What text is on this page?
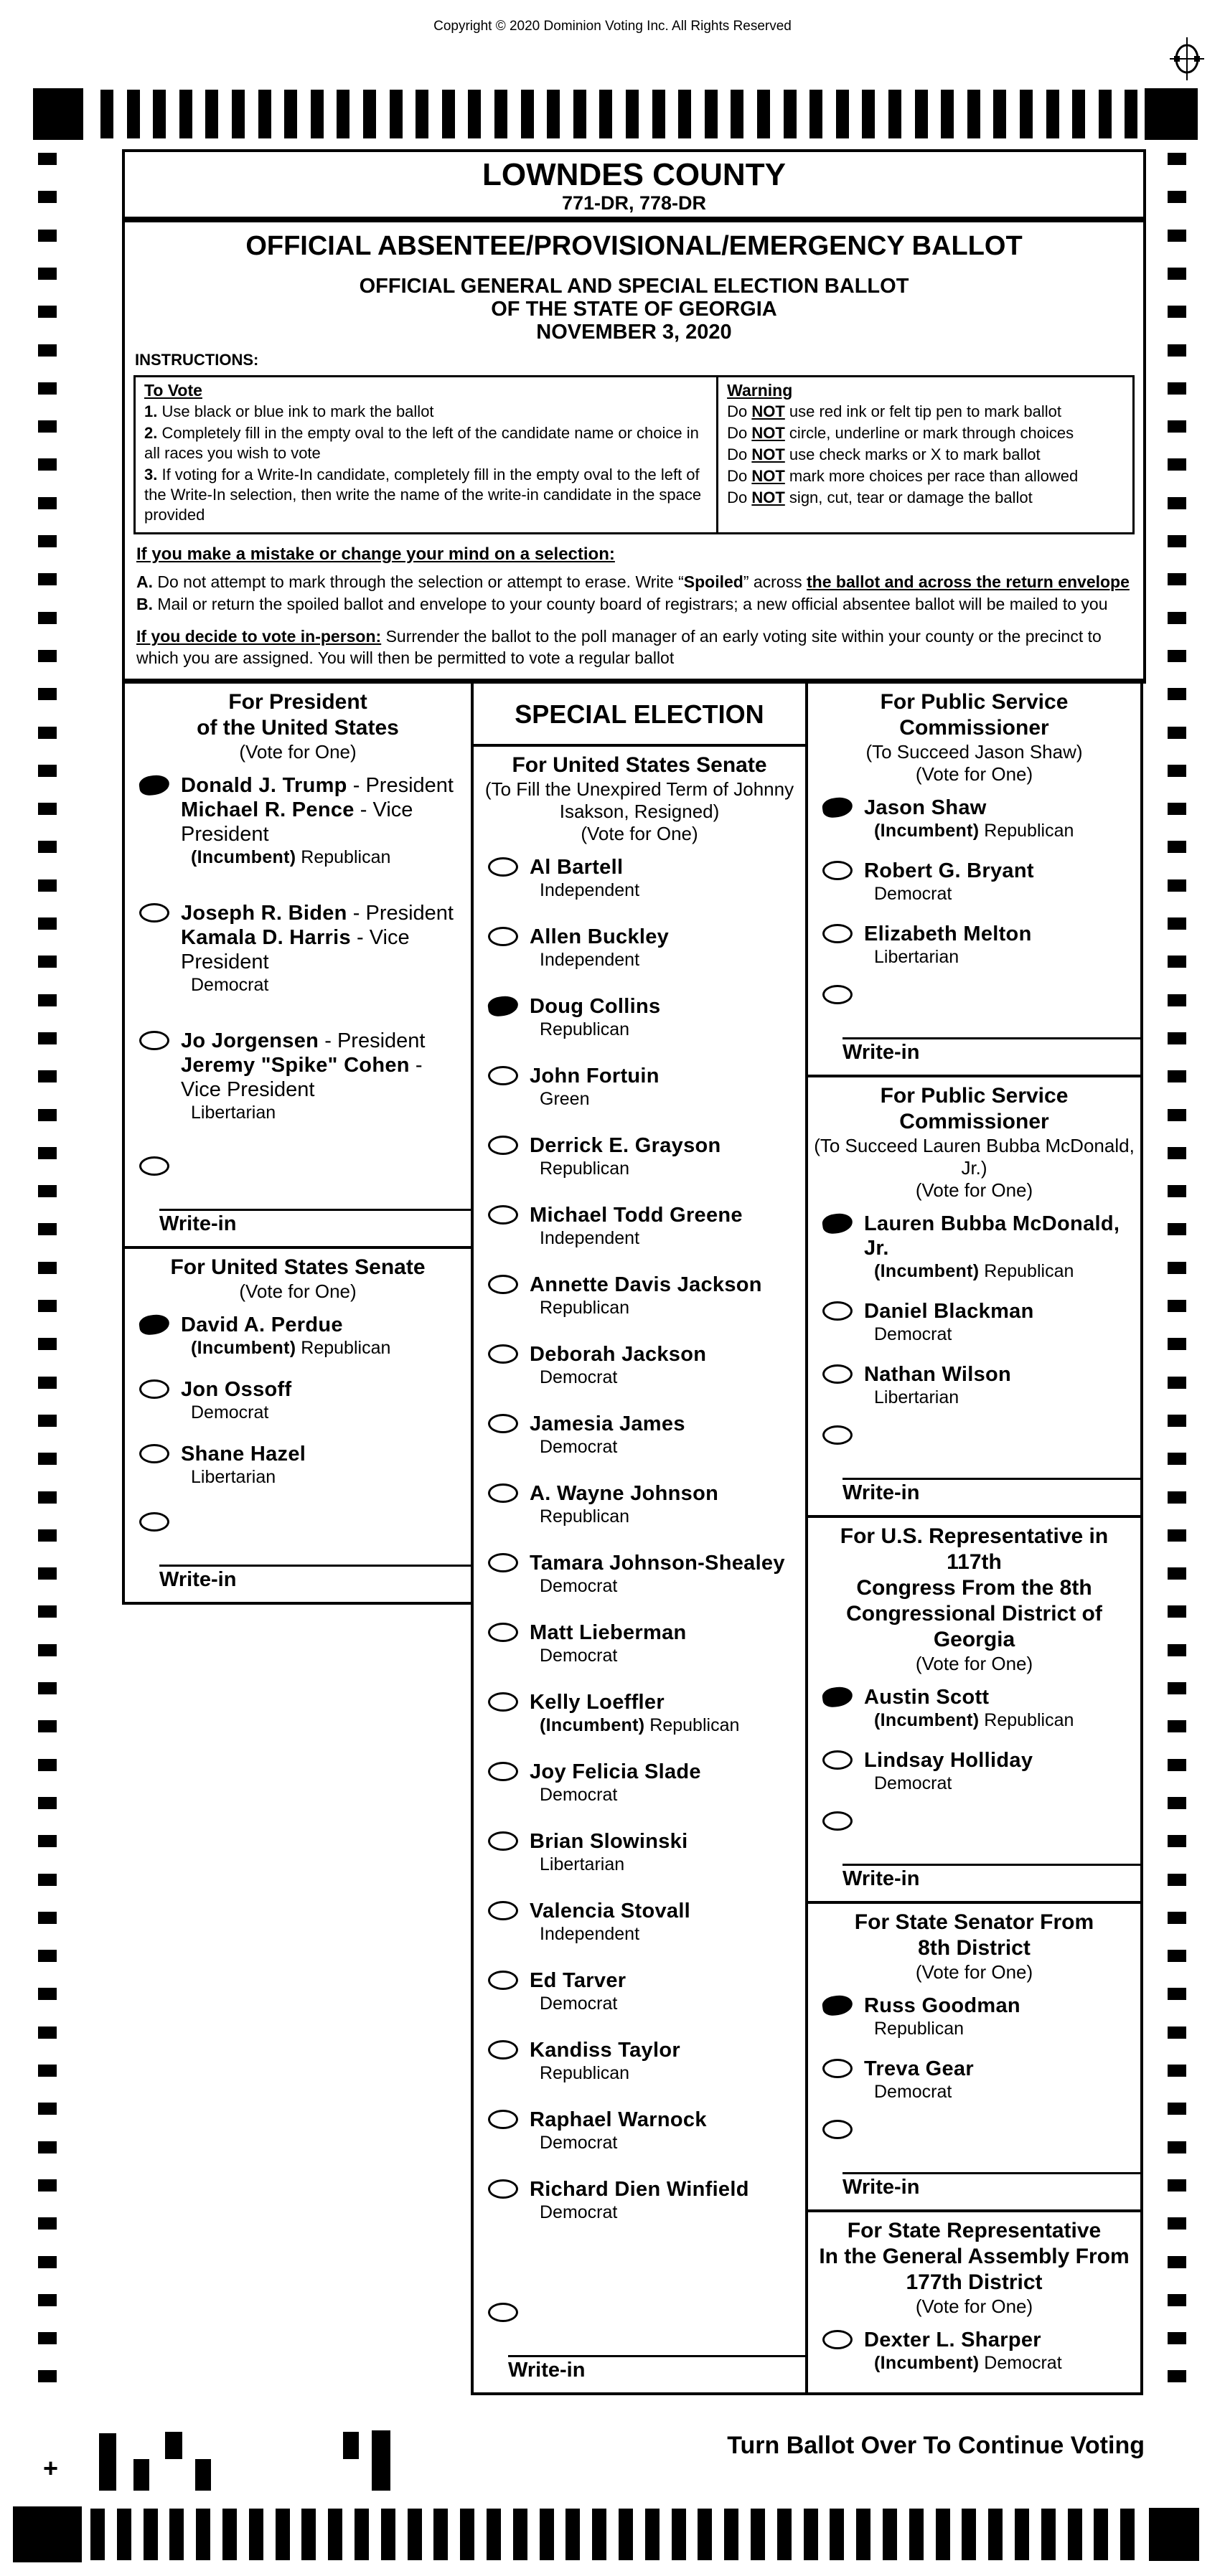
Copyright © 2020 Dominion Voting Inc. All Rights Reserved
LOWNDES COUNTY
771-DR, 778-DR
OFFICIAL ABSENTEE/PROVISIONAL/EMERGENCY BALLOT
OFFICIAL GENERAL AND SPECIAL ELECTION BALLOT
OF THE STATE OF GEORGIA
NOVEMBER 3, 2020
INSTRUCTIONS:
To Vote

1. Use black or blue ink to mark the ballot

2. Completely fill in the empty oval to the left of the candidate name or choice in all races you wish to vote

3. If voting for a Write-In candidate, completely fill in the empty oval to the left of the Write-In selection, then write the name of the write-in candidate in the space provided

Warning

Do NOT use red ink or felt tip pen to mark ballot

Do NOT circle, underline or mark through choices

Do NOT use check marks or X to mark ballot

Do NOT mark more choices per race than allowed

Do NOT sign, cut, tear or damage the ballot

If you make a mistake or change your mind on a selection:

A. Do not attempt to mark through the selection or attempt to erase. Write “Spoiled” across the ballot and across the return envelope

B. Mail or return the spoiled ballot and envelope to your county board of registrars; a new official absentee ballot will be mailed to you

If you decide to vote in-person: Surrender the ballot to the poll manager of an early voting site within your county or the precinct to which you are assigned. You will then be permitted to vote a regular ballot

For President
of the United States
(Vote for One)
Donald J. Trump - President
Michael R. Pence - Vice President
(Incumbent) Republican
Joseph R. Biden - President
Kamala D. Harris - Vice President
Democrat
Jo Jorgensen - President
Jeremy "Spike" Cohen - Vice President
Libertarian
Write-in
For United States Senate
(Vote for One)
David A. Perdue
(Incumbent) Republican
Jon Ossoff
Democrat
Shane Hazel
Libertarian
Write-in
SPECIAL ELECTION
For United States Senate
(To Fill the Unexpired Term of Johnny
Isakson, Resigned)
(Vote for One)
Al Bartell
Independent
Allen Buckley
Independent
Doug Collins
Republican
John Fortuin
Green
Derrick E. Grayson
Republican
Michael Todd Greene
Independent
Annette Davis Jackson
Republican
Deborah Jackson
Democrat
Jamesia James
Democrat
A. Wayne Johnson
Republican
Tamara Johnson-Shealey
Democrat
Matt Lieberman
Democrat
Kelly Loeffler
(Incumbent) Republican
Joy Felicia Slade
Democrat
Brian Slowinski
Libertarian
Valencia Stovall
Independent
Ed Tarver
Democrat
Kandiss Taylor
Republican
Raphael Warnock
Democrat
Richard Dien Winfield
Democrat
Write-in
For Public Service
Commissioner
(To Succeed Jason Shaw)
(Vote for One)
Jason Shaw
(Incumbent) Republican
Robert G. Bryant
Democrat
Elizabeth Melton
Libertarian
Write-in
For Public Service
Commissioner
(To Succeed Lauren Bubba McDonald, Jr.)
(Vote for One)
Lauren Bubba McDonald, Jr.
(Incumbent) Republican
Daniel Blackman
Democrat
Nathan Wilson
Libertarian
Write-in
For U.S. Representative in 117th
Congress From the 8th
Congressional District of Georgia
(Vote for One)
Austin Scott
(Incumbent) Republican
Lindsay Holliday
Democrat
Write-in
For State Senator From
8th District
(Vote for One)
Russ Goodman
Republican
Treva Gear
Democrat
Write-in
For State Representative
In the General Assembly From
177th District
(Vote for One)
Dexter L. Sharper
(Incumbent) Democrat
Turn Ballot Over To Continue Voting
+
38
